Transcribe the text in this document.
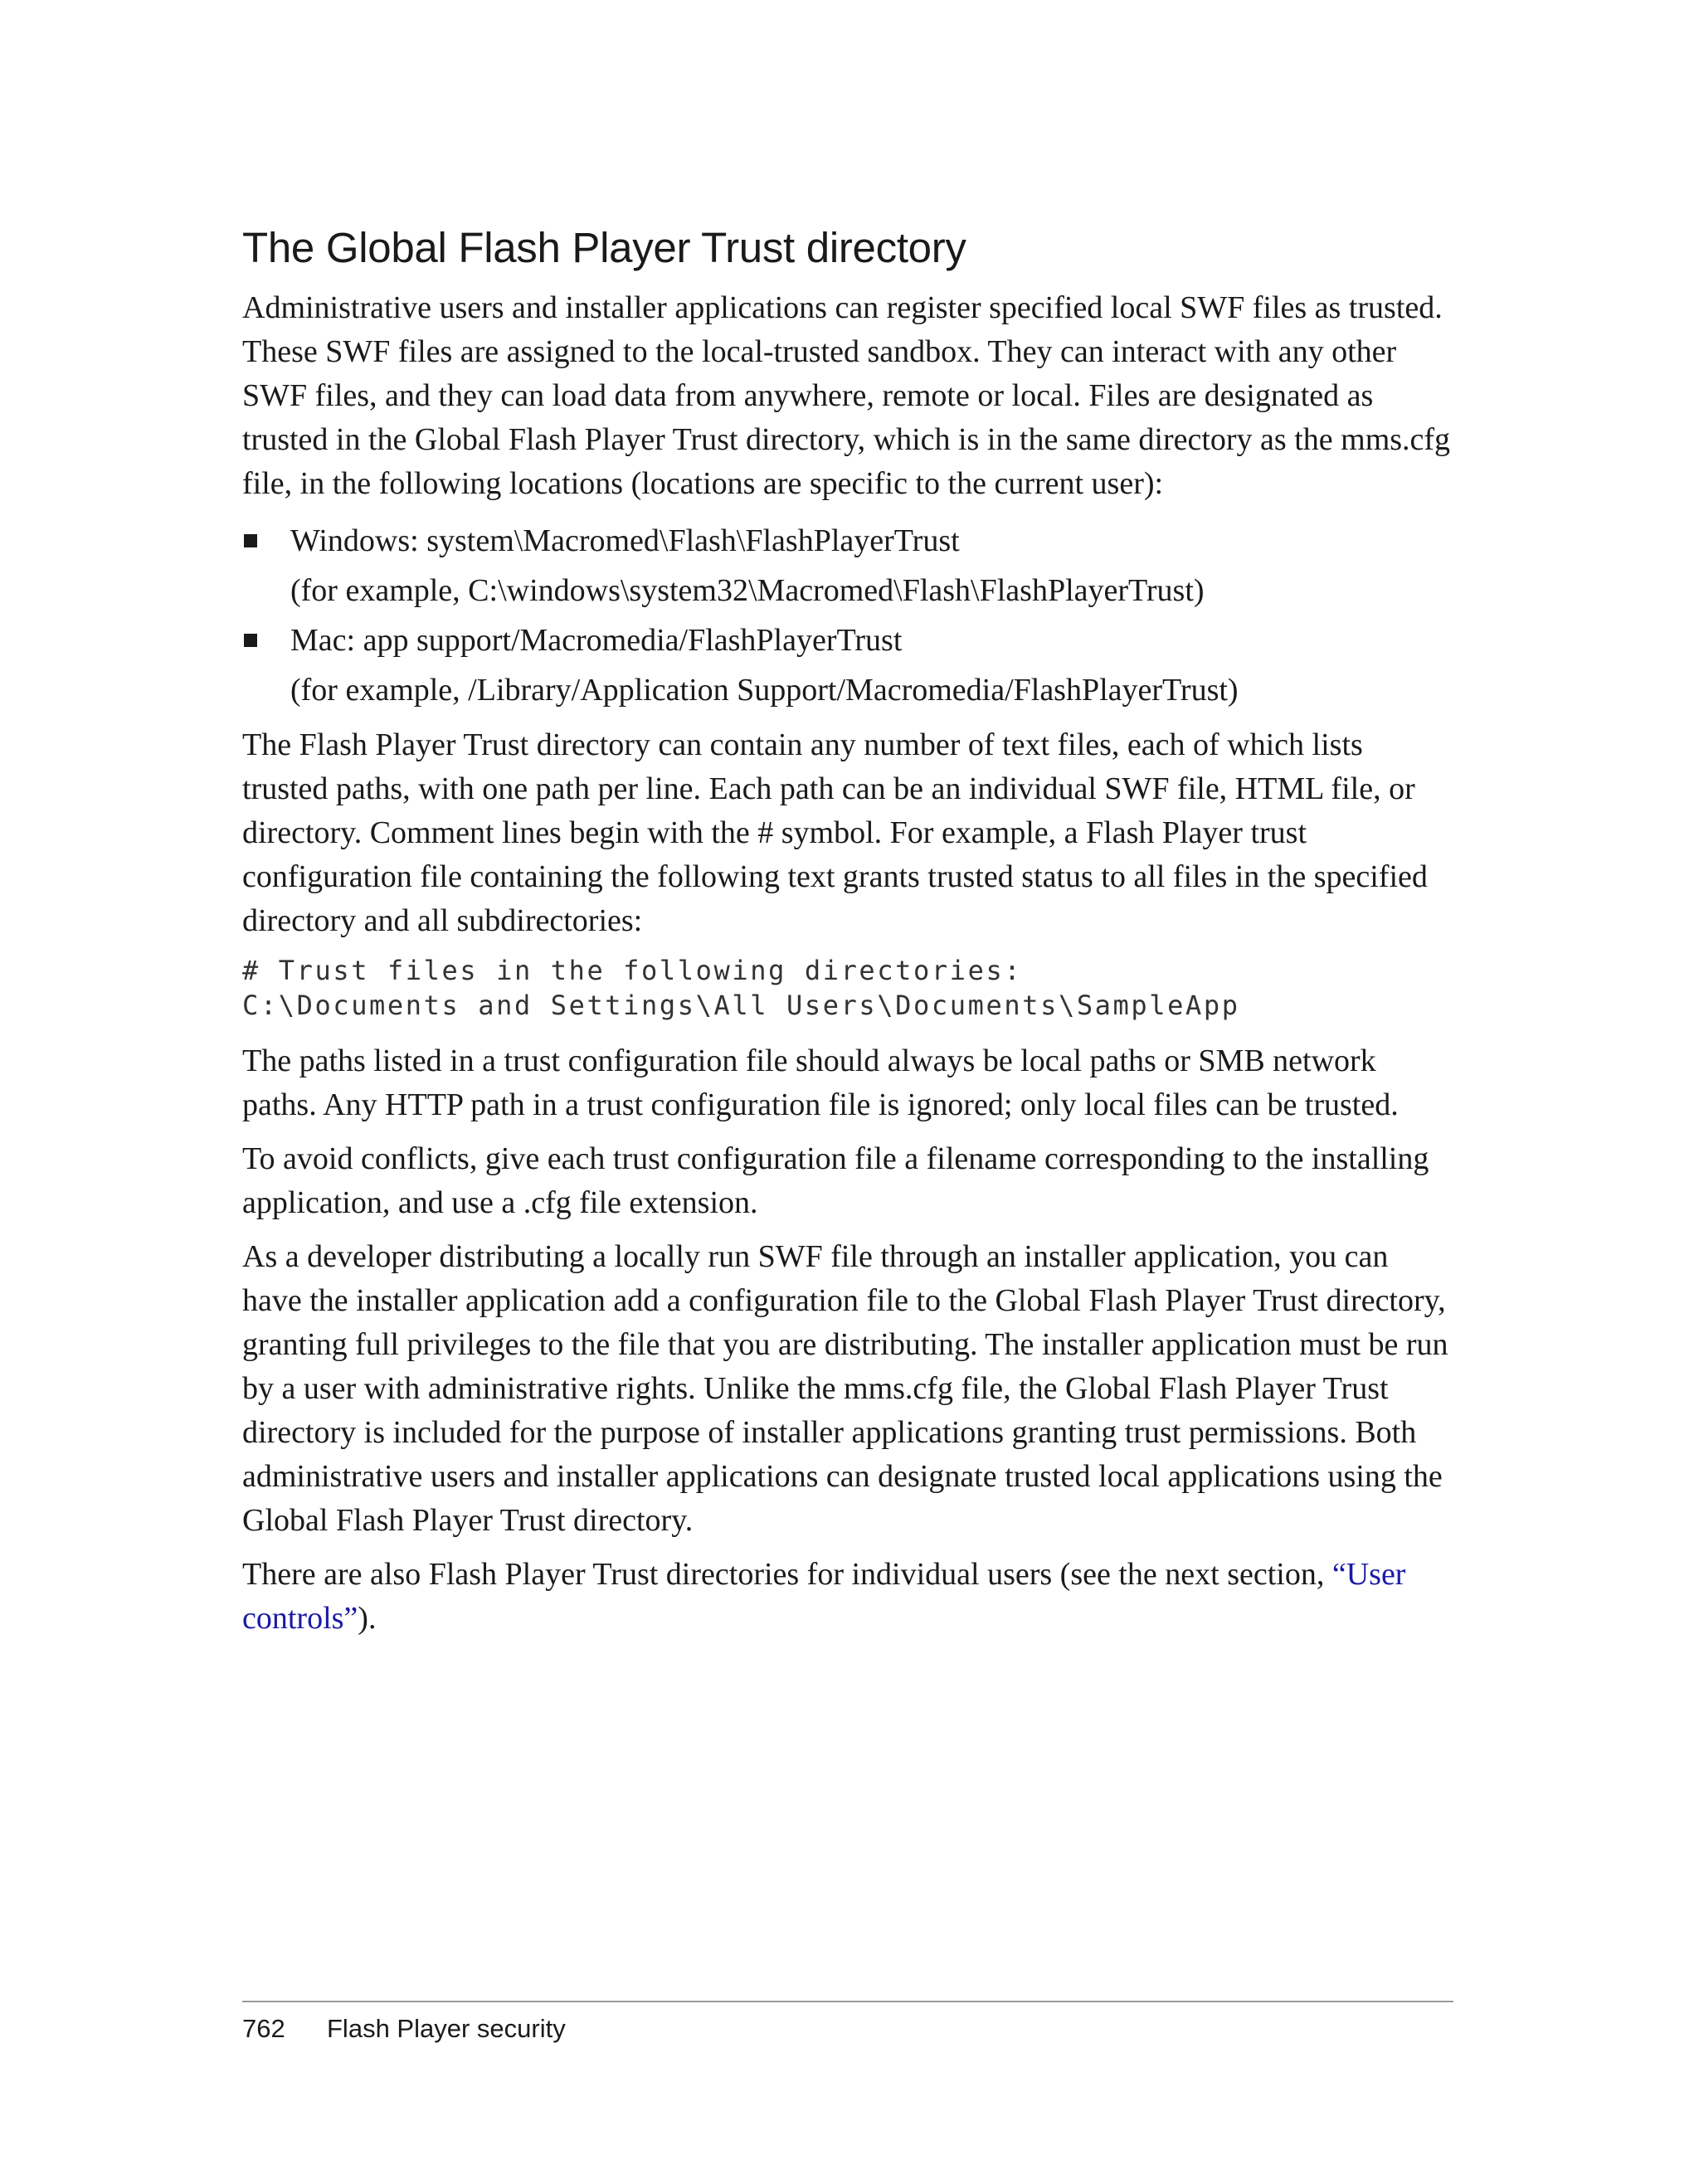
The Global Flash Player Trust directory

Administrative users and installer applications can register specified local SWF files as trusted. These SWF files are assigned to the local-trusted sandbox. They can interact with any other SWF files, and they can load data from anywhere, remote or local. Files are designated as trusted in the Global Flash Player Trust directory, which is in the same directory as the mms.cfg file, in the following locations (locations are specific to the current user):

Windows: system\Macromed\Flash\FlashPlayerTrust
(for example, C:\windows\system32\Macromed\Flash\FlashPlayerTrust)
Mac: app support/Macromedia/FlashPlayerTrust
(for example, /Library/Application Support/Macromedia/FlashPlayerTrust)

The Flash Player Trust directory can contain any number of text files, each of which lists trusted paths, with one path per line. Each path can be an individual SWF file, HTML file, or directory. Comment lines begin with the # symbol. For example, a Flash Player trust configuration file containing the following text grants trusted status to all files in the specified directory and all subdirectories:

# Trust files in the following directories:
C:\Documents and Settings\All Users\Documents\SampleApp

The paths listed in a trust configuration file should always be local paths or SMB network paths. Any HTTP path in a trust configuration file is ignored; only local files can be trusted.

To avoid conflicts, give each trust configuration file a filename corresponding to the installing application, and use a .cfg file extension.

As a developer distributing a locally run SWF file through an installer application, you can have the installer application add a configuration file to the Global Flash Player Trust directory, granting full privileges to the file that you are distributing. The installer application must be run by a user with administrative rights. Unlike the mms.cfg file, the Global Flash Player Trust directory is included for the purpose of installer applications granting trust permissions. Both administrative users and installer applications can designate trusted local applications using the Global Flash Player Trust directory.

There are also Flash Player Trust directories for individual users (see the next section, “User controls”).

762 Flash Player security
